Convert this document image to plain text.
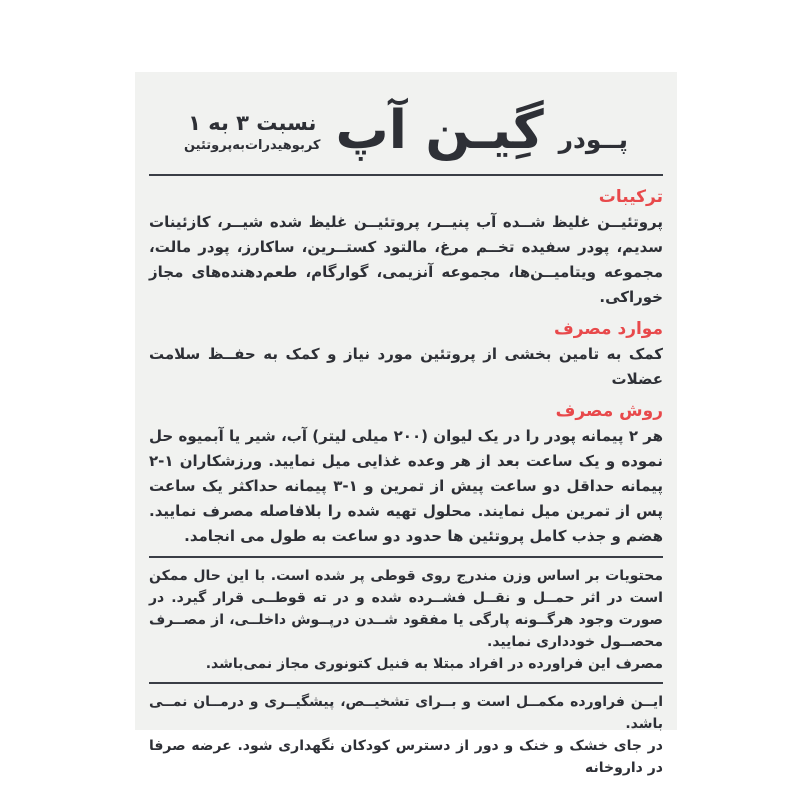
پــودر
گِیـن آپ
نسبت ۳ به ۱
کربوهیدرات‌به‌پروتئین
ترکیبات

پروتئیــن غلیظ شــده آب پنیــر، پروتئیــن غلیظ شده شیــر، کازئینات سدیم، پودر سفیده تخــم مرغ، مالتود کستــرین، ساکارز، پودر مالت، مجموعه ویتامیــن‌ها، مجموعه آنزیمی، گوارگام، طعم‌دهنده‌های مجاز خوراکی.

موارد مصرف

کمک به تامین بخشی از پروتئین مورد نیاز و کمک به حفــظ سلامت عضلات

روش مصرف

هر ۲ پیمانه پودر را در یک لیوان (۲۰۰ میلی لیتر) آب، شیر یا آبمیوه حل نموده و یک ساعت بعد از هر وعده غذایی میل نمایید. ورزشکاران ۱-۲ پیمانه حداقل دو ساعت پیش از تمرین و ۱-۳ پیمانه حداکثر یک ساعت پس از تمرین میل نمایند. محلول تهیه شده را بلافاصله مصرف نمایید. هضم و جذب کامل پروتئین ها حدود دو ساعت به طول می انجامد.

محتویات بر اساس وزن مندرج روی قوطی پر شده است. با این حال ممکن است در اثر حمــل و نقــل فشــرده شده و در ته قوطــی قرار گیرد. در صورت وجود هرگــونه پارگی یا مفقود شــدن درپــوش داخلــی، از مصــرف محصــول خودداری نمایید.

مصرف این فراورده در افراد مبتلا به فنیل کتونوری مجاز نمی‌باشد.

ایــن فراورده مکمــل است و بــرای تشخیــص، پیشگیــری و درمــان نمــی باشد.

در جای خشک و خنک و دور از دسترس کودکان نگهداری شود. عرضه صرفا در داروخانه
